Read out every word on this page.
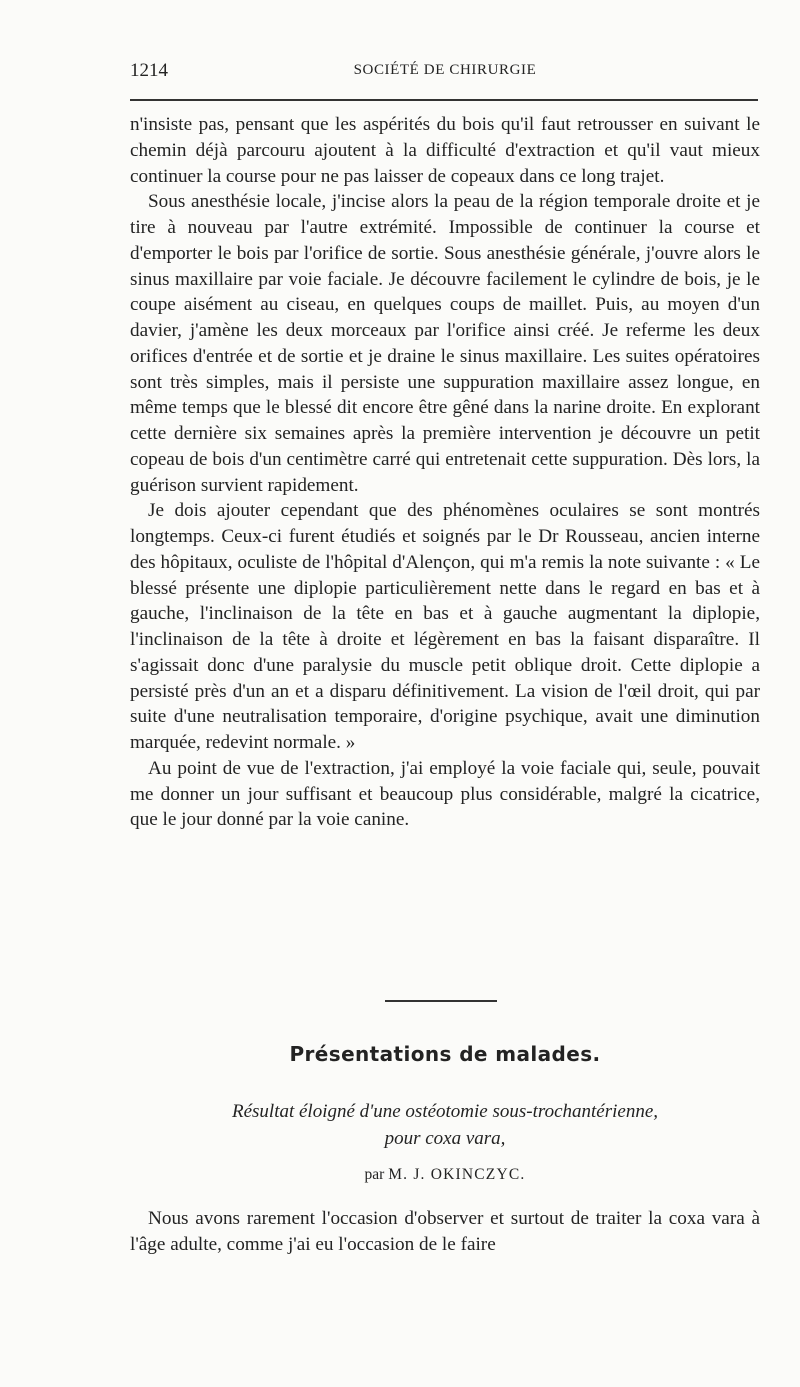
1214	SOCIÉTÉ DE CHIRURGIE

n'insiste pas, pensant que les aspérités du bois qu'il faut retrousser en suivant le chemin déjà parcouru ajoutent à la difficulté d'extraction et qu'il vaut mieux continuer la course pour ne pas laisser de copeaux dans ce long trajet.

Sous anesthésie locale, j'incise alors la peau de la région temporale droite et je tire à nouveau par l'autre extrémité. Impossible de continuer la course et d'emporter le bois par l'orifice de sortie. Sous anesthésie générale, j'ouvre alors le sinus maxillaire par voie faciale. Je découvre facilement le cylindre de bois, je le coupe aisément au ciseau, en quelques coups de maillet. Puis, au moyen d'un davier, j'amène les deux morceaux par l'orifice ainsi créé. Je referme les deux orifices d'entrée et de sortie et je draine le sinus maxillaire. Les suites opératoires sont très simples, mais il persiste une suppuration maxillaire assez longue, en même temps que le blessé dit encore être gêné dans la narine droite. En explorant cette dernière six semaines après la première intervention je découvre un petit copeau de bois d'un centimètre carré qui entretenait cette suppuration. Dès lors, la guérison survient rapidement.

Je dois ajouter cependant que des phénomènes oculaires se sont montrés longtemps. Ceux-ci furent étudiés et soignés par le Dr Rousseau, ancien interne des hôpitaux, oculiste de l'hôpital d'Alençon, qui m'a remis la note suivante : « Le blessé présente une diplopie particulièrement nette dans le regard en bas et à gauche, l'inclinaison de la tête en bas et à gauche augmentant la diplopie, l'inclinaison de la tête à droite et légèrement en bas la faisant disparaître. Il s'agissait donc d'une paralysie du muscle petit oblique droit. Cette diplopie a persisté près d'un an et a disparu définitivement. La vision de l'œil droit, qui par suite d'une neutralisation temporaire, d'origine psychique, avait une diminution marquée, redevint normale. »

Au point de vue de l'extraction, j'ai employé la voie faciale qui, seule, pouvait me donner un jour suffisant et beaucoup plus considérable, malgré la cicatrice, que le jour donné par la voie canine.

Présentations de malades.
Résultat éloigné d'une ostéotomie sous-trochantérienne,
pour coxa vara,
par M. J. OKINCZYC.

Nous avons rarement l'occasion d'observer et surtout de traiter la coxa vara à l'âge adulte, comme j'ai eu l'occasion de le faire
